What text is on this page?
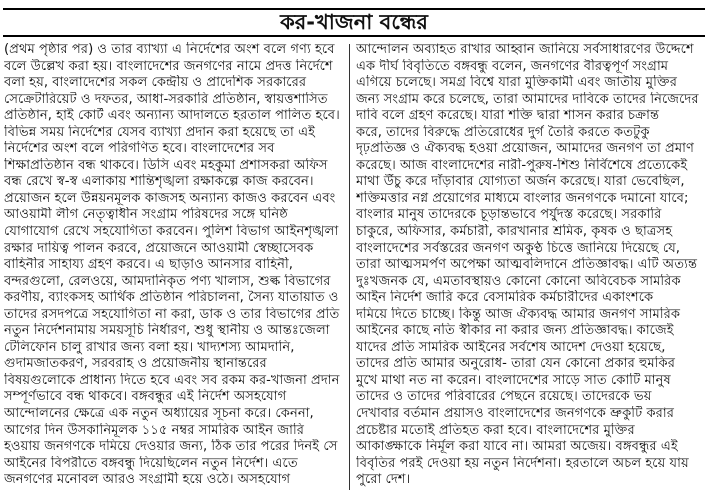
কর-খাজনা বন্ধের
(প্রথম পৃষ্ঠার পর) ও তার ব্যাখ্যা এ নির্দেশের অংশ বলে গণ্য হবে
বলে উল্লেখ করা হয়। বাংলাদেশের জনগণের নামে প্রদত্ত নির্দেশে
বলা হয়, বাংলাদেশের সকল কেন্দ্রীয় ও প্রাদেশিক সরকারের
সেক্রেটারিয়েট ও দফতর, আধা-সরকারি প্রতিষ্ঠান, স্বায়ত্তশাসিত
প্রতিষ্ঠান, হাই কোর্ট এবং অন্যান্য আদালতে হরতাল পালিত হবে।
বিভিন্ন সময় নির্দেশের যেসব ব্যাখ্যা প্রদান করা হয়েছে তা এই
নির্দেশের অংশ বলে পরিগণিত হবে। বাংলাদেশের সব
শিক্ষাপ্রতিষ্ঠান বন্ধ থাকবে। ডিসি এবং মহকুমা প্রশাসকরা অফিস
বন্ধ রেখে স্ব-স্ব এলাকায় শান্তিশৃঙ্খলা রক্ষাকল্পে কাজ করবেন।
প্রয়োজন হলে উন্নয়নমূলক কাজসহ অন্যান্য কাজও করবেন এবং
আওয়ামী লীগ নেতৃত্বাধীন সংগ্রাম পরিষদের সঙ্গে ঘনিষ্ঠ
যোগাযোগ রেখে সহযোগিতা করবেন। পুলিশ বিভাগ আইনশৃঙ্খলা
রক্ষার দায়িত্ব পালন করবে, প্রয়োজনে আওয়ামী স্বেচ্ছাসেবক
বাহিনীর সাহায্য গ্রহণ করবে। এ ছাড়াও আনসার বাহিনী,
বন্দরগুলো, রেলওয়ে, আমদানিকৃত পণ্য খালাস, শুল্ক বিভাগের
করণীয়, ব্যাংকসহ আর্থিক প্রতিষ্ঠান পরিচালনা, সৈন্য যাতায়াত ও
তাদের রসদপত্রে সহযোগিতা না করা, ডাক ও তার বিভাগের প্রতি
নতুন নির্দেশনামায় সময়সূচি নির্ধারণ, শুধু স্থানীয় ও আন্তঃজেলা
টেলিফোন চালু রাখার জন্য বলা হয়। খাদ্যশস্য আমদানি,
গুদামজাতকরণ, সরবরাহ ও প্রয়োজনীয় স্থানান্তরের
বিষয়গুলোকে প্রাধান্য দিতে হবে এবং সব রকম কর-খাজনা প্রদান
সম্পূর্ণভাবে বন্ধ থাকবে। বঙ্গবন্ধুর এই নির্দেশ অসহযোগ
আন্দোলনের ক্ষেত্রে এক নতুন অধ্যায়ের সূচনা করে। কেননা,
আগের দিন উসকানিমূলক ১১৫ নম্বর সামরিক আইন জারি
হওয়ায় জনগণকে দমিয়ে দেওয়ার জন্য, ঠিক তার পরের দিনই সে
আইনের বিপরীতে বঙ্গবন্ধু দিয়েছিলেন নতুন নির্দেশ। এতে
জনগণের মনোবল আরও সংগ্রামী হয়ে ওঠে। অসহযোগ
আন্দোলন অব্যাহত রাখার আহ্বান জানিয়ে সর্বসাধারণের উদ্দেশে
এক দীর্ঘ বিবৃতিতে বঙ্গবন্ধু বলেন, জনগণের বীরত্বপূর্ণ সংগ্রাম
এগিয়ে চলেছে। সমগ্র বিশ্বে যারা মুক্তিকামী এবং জাতীয় মুক্তির
জন্য সংগ্রাম করে চলেছে, তারা আমাদের দাবিকে তাদের নিজেদের
দাবি বলে গ্রহণ করেছে। যারা শক্তি দ্বারা শাসন করার চক্রান্ত
করে, তাদের বিরুদ্ধে প্রতিরোধের দুর্গ তৈরি করতে কতটুকু
দৃঢ়প্রতিজ্ঞ ও ঐক্যবদ্ধ হওয়া প্রয়োজন, আমাদের জনগণ তা প্রমাণ
করেছে। আজ বাংলাদেশের নারী-পুরুষ-শিশু নির্বিশেষে প্রত্যেকেই
মাথা উঁচু করে দাঁড়াবার যোগ্যতা অর্জন করেছে। যারা ভেবেছিল,
শক্তিমত্তার নগ্ন প্রয়োগের মাধ্যমে বাংলার জনগণকে দমানো যাবে;
বাংলার মানুষ তাদেরকে চূড়ান্তভাবে পর্যুদস্ত করেছে। সরকারি
চাকুরে, অফিসার, কর্মচারী, কারখানার শ্রমিক, কৃষক ও ছাত্রসহ
বাংলাদেশের সর্বস্তরের জনগণ অকুণ্ঠ চিত্তে জানিয়ে দিয়েছে যে,
তারা আত্মসমর্পণ অপেক্ষা আত্মবলিদানে প্রতিজ্ঞাবদ্ধ। এটি অত্যন্ত
দুঃখজনক যে, এমতাবস্থায়ও কোনো কোনো অবিবেচক সামরিক
আইন নির্দেশ জারি করে বেসামরিক কর্মচারীদের একাংশকে
দমিয়ে দিতে চাচ্ছে। কিন্তু আজ ঐক্যবদ্ধ আমার জনগণ সামরিক
আইনের কাছে নতি স্বীকার না করার জন্য প্রতিজ্ঞাবদ্ধ। কাজেই
যাদের প্রতি সামরিক আইনের সর্বশেষ আদেশ দেওয়া হয়েছে,
তাদের প্রতি আমার অনুরোধ- তারা যেন কোনো প্রকার হুমকির
মুখে মাথা নত না করেন। বাংলাদেশের সাড়ে সাত কোটি মানুষ
তাদের ও তাদের পরিবারের পেছনে রয়েছে। তাদেরকে ভয়
দেখাবার বর্তমান প্রয়াসও বাংলাদেশের জনগণকে ভ্রুকুটি করার
প্রচেষ্টার মতোই প্রতিহত করা হবে। বাংলাদেশের মুক্তির
আকাঙ্ক্ষাকে নির্মূল করা যাবে না। আমরা অজেয়। বঙ্গবন্ধুর এই
বিবৃতির পরই দেওয়া হয় নতুন নির্দেশনা। হরতালে অচল হয়ে যায়
পুরো দেশ।
